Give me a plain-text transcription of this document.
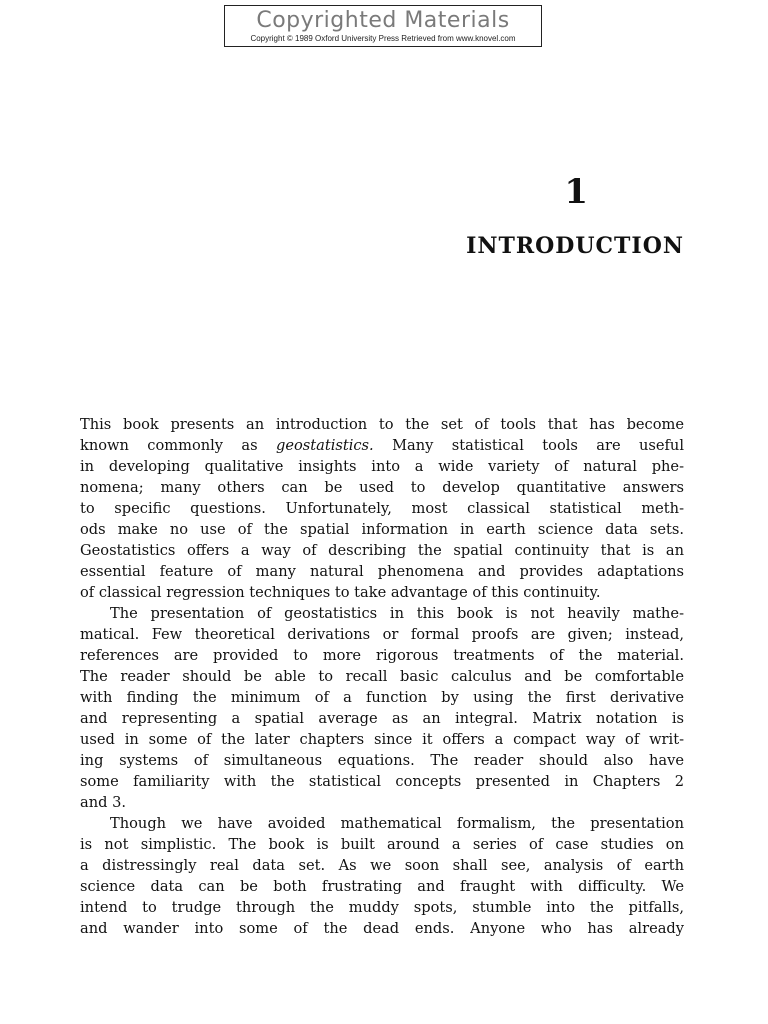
Copyrighted Materials
Copyright © 1989 Oxford University Press Retrieved from www.knovel.com
1
INTRODUCTION
This book presents an introduction to the set of tools that has become
known commonly as geostatistics. Many statistical tools are useful
in developing qualitative insights into a wide variety of natural phe-
nomena; many others can be used to develop quantitative answers
to specific questions. Unfortunately, most classical statistical meth-
ods make no use of the spatial information in earth science data sets.
Geostatistics offers a way of describing the spatial continuity that is an
essential feature of many natural phenomena and provides adaptations
of classical regression techniques to take advantage of this continuity.
The presentation of geostatistics in this book is not heavily mathe-
matical. Few theoretical derivations or formal proofs are given; instead,
references are provided to more rigorous treatments of the material.
The reader should be able to recall basic calculus and be comfortable
with finding the minimum of a function by using the first derivative
and representing a spatial average as an integral. Matrix notation is
used in some of the later chapters since it offers a compact way of writ-
ing systems of simultaneous equations. The reader should also have
some familiarity with the statistical concepts presented in Chapters 2
and 3.
Though we have avoided mathematical formalism, the presentation
is not simplistic. The book is built around a series of case studies on
a distressingly real data set. As we soon shall see, analysis of earth
science data can be both frustrating and fraught with difficulty. We
intend to trudge through the muddy spots, stumble into the pitfalls,
and wander into some of the dead ends. Anyone who has already
